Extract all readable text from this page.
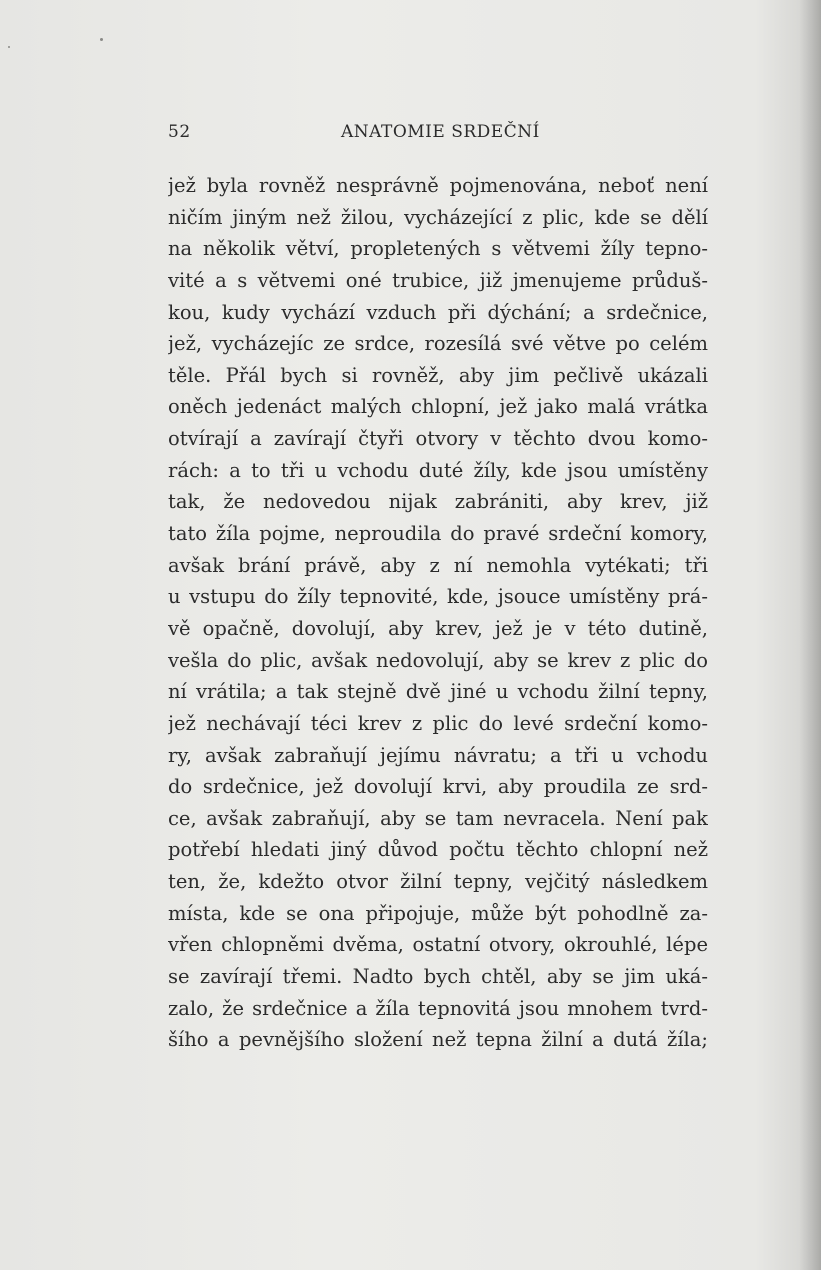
52	ANATOMIE SRDEČNÍ
jež byla rovněž nesprávně pojmenována, neboť není
ničím jiným než žilou, vycházející z plic, kde se dělí
na několik větví, propletených s větvemi žíly tepno-
vité a s větvemi oné trubice, již jmenujeme průduš-
kou, kudy vychází vzduch při dýchání; a srdečnice,
jež, vycházejíc ze srdce, rozesílá své větve po celém
těle. Přál bych si rovněž, aby jim pečlivě ukázali
oněch jedenáct malých chlopní, jež jako malá vrátka
otvírají a zavírají čtyři otvory v těchto dvou komo-
rách: a to tři u vchodu duté žíly, kde jsou umístěny
tak, že nedovedou nijak zabrániti, aby krev, již
tato žíla pojme, neproudila do pravé srdeční komory,
avšak brání právě, aby z ní nemohla vytékati; tři
u vstupu do žíly tepnovité, kde, jsouce umístěny prá-
vě opačně, dovolují, aby krev, jež je v této dutině,
vešla do plic, avšak nedovolují, aby se krev z plic do
ní vrátila; a tak stejně dvě jiné u vchodu žilní tepny,
jež nechávají téci krev z plic do levé srdeční komo-
ry, avšak zabraňují jejímu návratu; a tři u vchodu
do srdečnice, jež dovolují krvi, aby proudila ze srd-
ce, avšak zabraňují, aby se tam nevracela. Není pak
potřebí hledati jiný důvod počtu těchto chlopní než
ten, že, kdežto otvor žilní tepny, vejčitý následkem
místa, kde se ona připojuje, může být pohodlně za-
vřen chlopněmi dvěma, ostatní otvory, okrouhlé, lépe
se zavírají třemi. Nadto bych chtěl, aby se jim uká-
zalo, že srdečnice a žíla tepnovitá jsou mnohem tvrd-
šího a pevnějšího složení než tepna žilní a dutá žíla;
